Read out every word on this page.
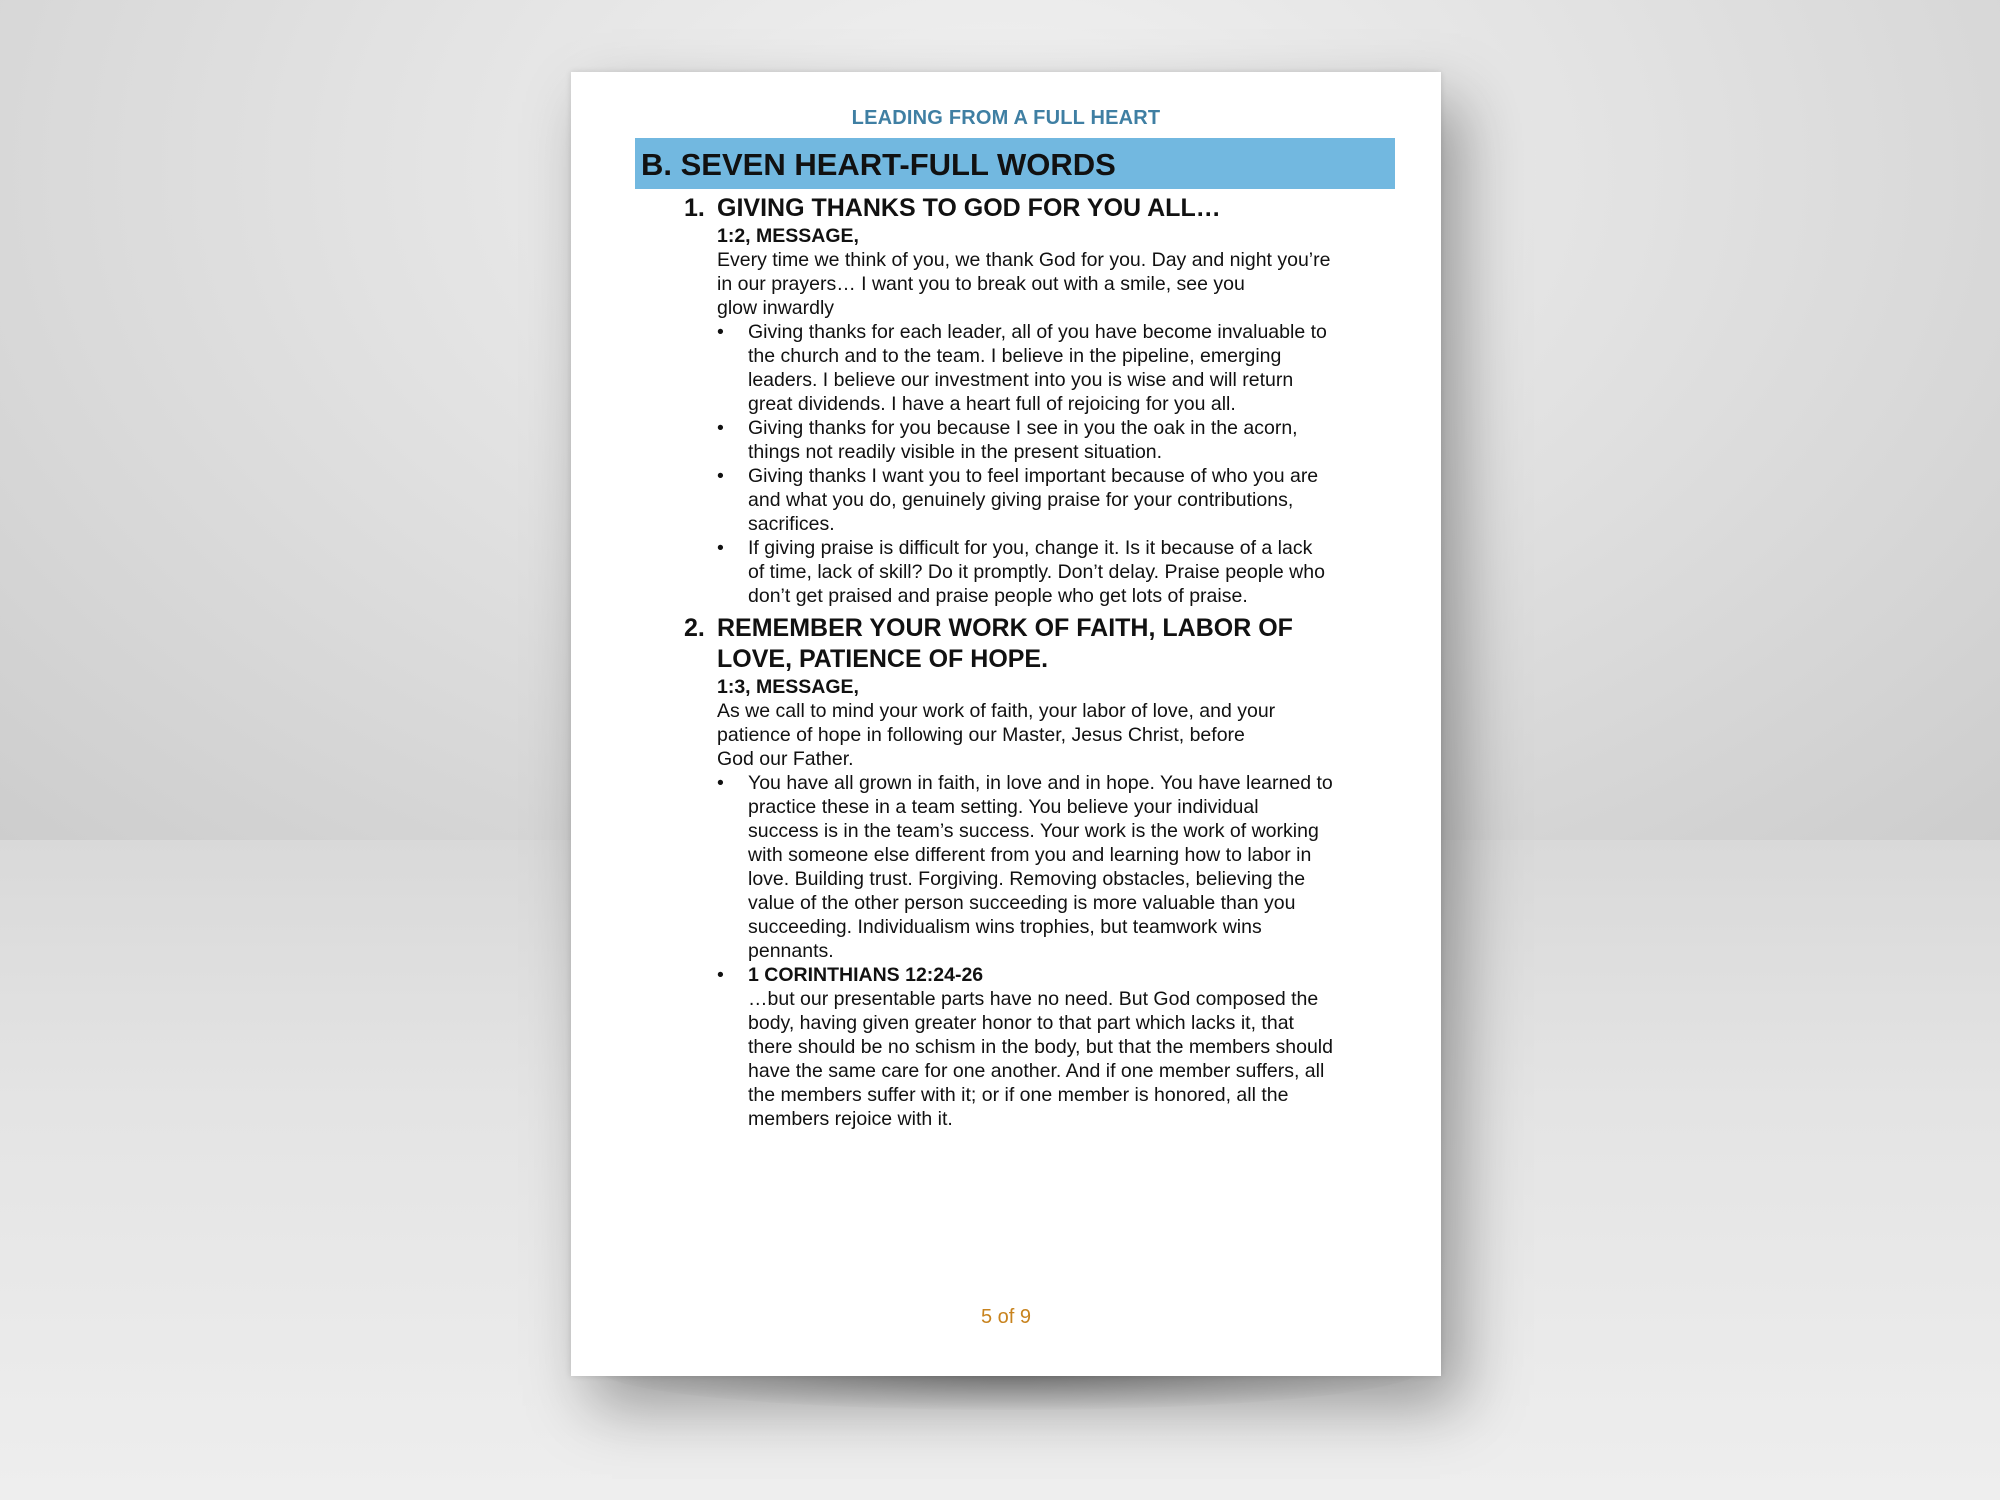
LEADING FROM A FULL HEART
B. SEVEN HEART-FULL WORDS
1. GIVING THANKS TO GOD FOR YOU ALL…
1:2, MESSAGE,
Every time we think of you, we thank God for you. Day and night you’re
in our prayers… I want you to break out with a smile, see you
glow inwardly
• Giving thanks for each leader, all of you have become invaluable to
the church and to the team. I believe in the pipeline, emerging
leaders. I believe our investment into you is wise and will return
great dividends. I have a heart full of rejoicing for you all.
• Giving thanks for you because I see in you the oak in the acorn,
things not readily visible in the present situation.
• Giving thanks I want you to feel important because of who you are
and what you do, genuinely giving praise for your contributions,
sacrifices.
• If giving praise is difficult for you, change it. Is it because of a lack
of time, lack of skill? Do it promptly. Don’t delay. Praise people who
don’t get praised and praise people who get lots of praise.
2. REMEMBER YOUR WORK OF FAITH, LABOR OF
LOVE, PATIENCE OF HOPE.
1:3, MESSAGE,
As we call to mind your work of faith, your labor of love, and your
patience of hope in following our Master, Jesus Christ, before
God our Father.
• You have all grown in faith, in love and in hope. You have learned to
practice these in a team setting. You believe your individual
success is in the team’s success. Your work is the work of working
with someone else different from you and learning how to labor in
love. Building trust. Forgiving. Removing obstacles, believing the
value of the other person succeeding is more valuable than you
succeeding. Individualism wins trophies, but teamwork wins
pennants.
• 1 CORINTHIANS 12:24-26
…but our presentable parts have no need. But God composed the
body, having given greater honor to that part which lacks it, that
there should be no schism in the body, but that the members should
have the same care for one another. And if one member suffers, all
the members suffer with it; or if one member is honored, all the
members rejoice with it.
5 of 9
